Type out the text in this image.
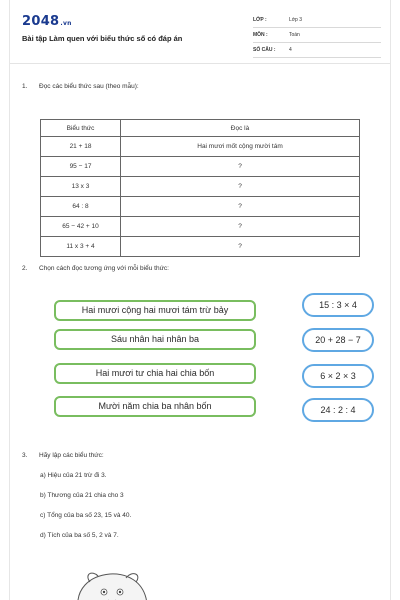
2048.vn
Bài tập Làm quen với biểu thức số có đáp án
LỚP :	Lớp 3
MÔN :	Toán
SỐ CÂU :	4
1. Đọc các biểu thức sau (theo mẫu):
Biểu thức	Đọc là
21 + 18	Hai mươi mốt cộng mười tám
95 − 17	?
13 x 3	?
64 : 8	?
65 − 42 + 10	?
11 x 3 + 4	?
2. Chọn cách đọc tương ứng với mỗi biểu thức:
Hai mươi cộng hai mươi tám trừ bảy
Sáu nhân hai nhân ba
Hai mươi tư chia hai chia bốn
Mười năm chia ba nhân bốn
15 : 3 × 4
20 + 28 − 7
6 × 2 × 3
24 : 2 : 4
3. Hãy lập các biểu thức:
a) Hiệu của 21 trừ đi 3.
b) Thương của 21 chia cho 3
c) Tổng của ba số 23, 15 và 40.
d) Tích của ba số 5, 2 và 7.
